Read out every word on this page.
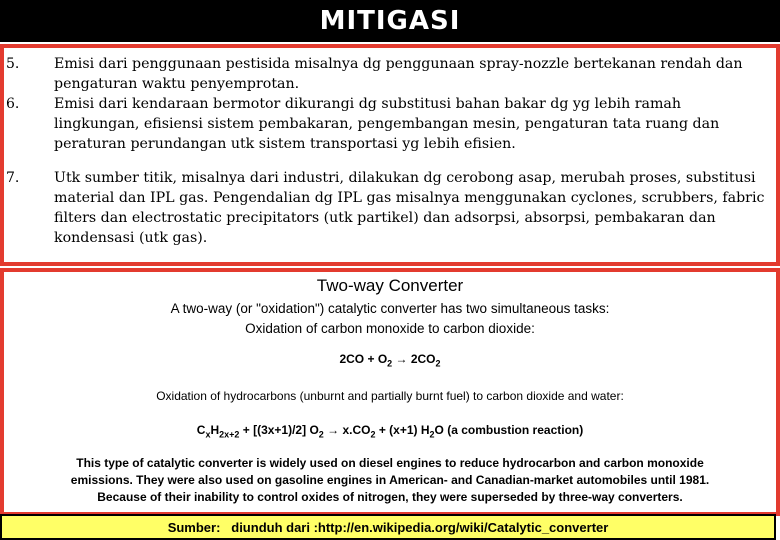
MITIGASI
5. Emisi dari penggunaan pestisida misalnya dg penggunaan spray-nozzle bertekanan rendah dan pengaturan waktu penyemprotan.
6. Emisi dari kendaraan bermotor dikurangi dg substitusi bahan bakar dg yg lebih ramah lingkungan, efisiensi sistem pembakaran, pengembangan mesin, pengaturan tata ruang dan peraturan perundangan utk sistem transportasi yg lebih efisien.
7. Utk sumber titik, misalnya dari industri, dilakukan dg cerobong asap, merubah proses, substitusi material dan IPL gas. Pengendalian dg IPL gas misalnya menggunakan cyclones, scrubbers, fabric filters dan electrostatic precipitators (utk partikel) dan adsorpsi, absorpsi, pembakaran dan kondensasi (utk gas).
Two-way Converter
A two-way (or "oxidation") catalytic converter has two simultaneous tasks:
Oxidation of carbon monoxide to carbon dioxide:
$2CO + O_2 \to 2CO_2$
Oxidation of hydrocarbons (unburnt and partially burnt fuel) to carbon dioxide and water:
$C_xH_{2x+2} + [(3x+1)/2] O_2 \to x.CO_2 + (x+1)$ $H_2O$ (a combustion reaction)
This type of catalytic converter is widely used on diesel engines to reduce hydrocarbon and carbon monoxide
emissions. They were also used on gasoline engines in American- and Canadian-market automobiles until 1981.
Because of their inability to control oxides of nitrogen, they were superseded by three-way converters.
Sumber:   diunduh dari :http://en.wikipedia.org/wiki/Catalytic_converter
